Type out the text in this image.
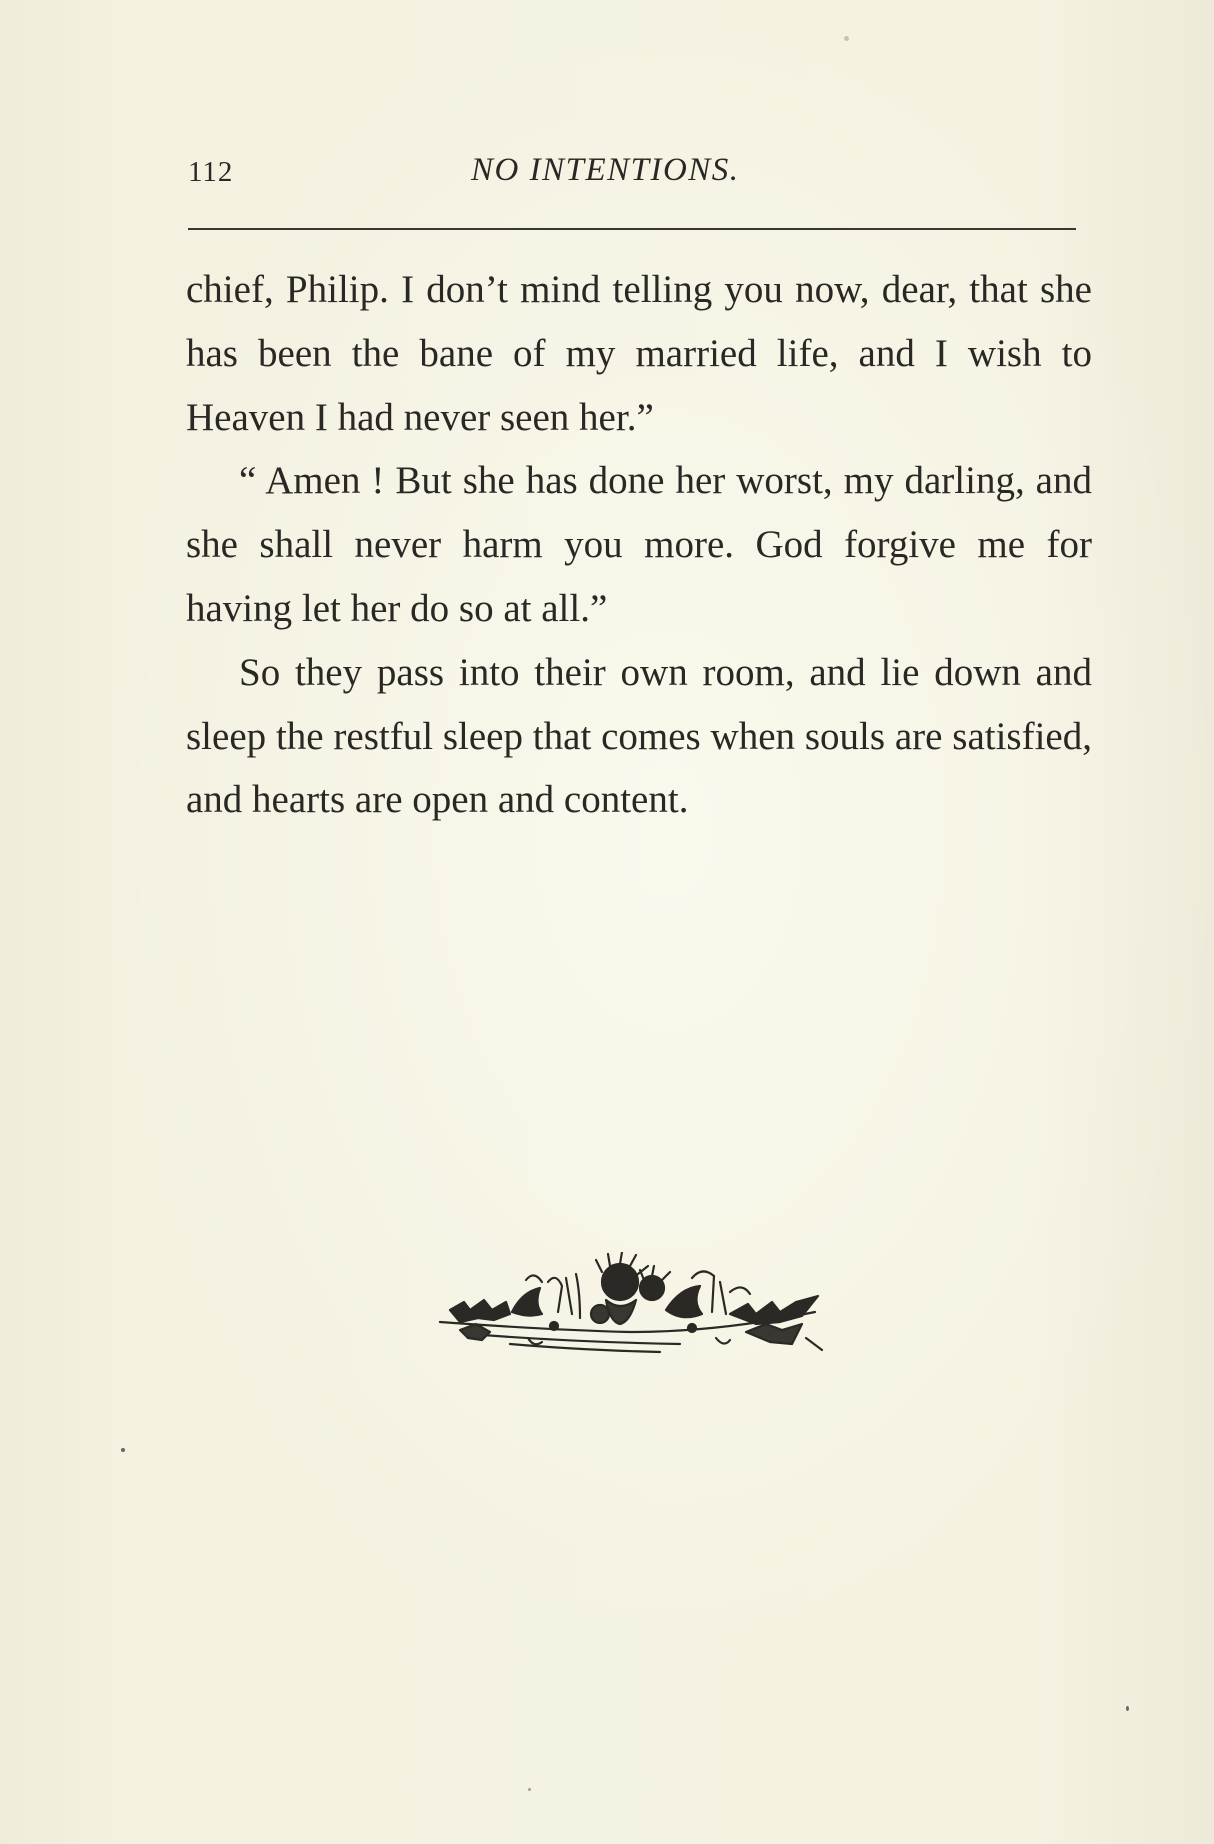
112	NO INTENTIONS.

chief, Philip. I don’t mind telling you now, dear, that she has been the bane of my married life, and I wish to Heaven I had never seen her.”

“ Amen ! But she has done her worst, my darling, and she shall never harm you more. God forgive me for having let her do so at all.”

So they pass into their own room, and lie down and sleep the restful sleep that comes when souls are satisfied, and hearts are open and content.
